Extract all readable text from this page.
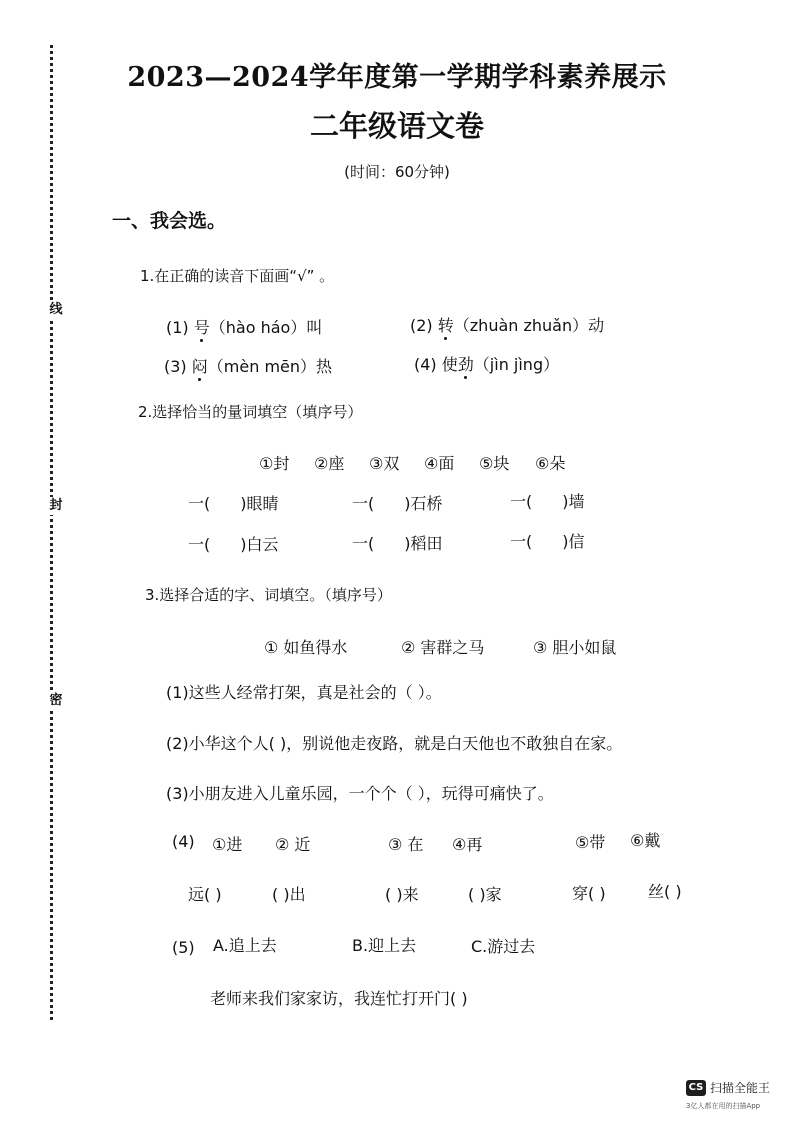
线
封
密
2023—2024学年度第一学期学科素养展示
二年级语文卷
(时间：60分钟)
一、我会选。
1.在正确的读音下面画“√” 。
(1) 号（hào háo）叫	(2) 转（zhuàn zhuǎn）动
(3) 闷（mèn mēn）热	(4) 使劲（jìn jìng）
2.选择恰当的量词填空（填序号）
①封 ②座 ③双 ④面 ⑤块 ⑥朵
一( )眼睛	一( )石桥	一( )墙
一( )白云	一( )稻田	一( )信
3.选择合适的字、词填空。（填序号）
① 如鱼得水	② 害群之马	③ 胆小如鼠
(1)这些人经常打架，真是社会的（ ）。
(2)小华这个人( )，别说他走夜路，就是白天他也不敢独自在家。
(3)小朋友进入儿童乐园，一个个（ ），玩得可痛快了。
(4) ①进 ② 近	③ 在 ④再	⑤带 ⑥戴
远( )	( )出	( )来	( )家	穿( )	丝( )
(5) A.追上去	B.迎上去	C.游过去
老师来我们家家访，我连忙打开门( )
CS 扫描全能王
3亿人都在用的扫描App
